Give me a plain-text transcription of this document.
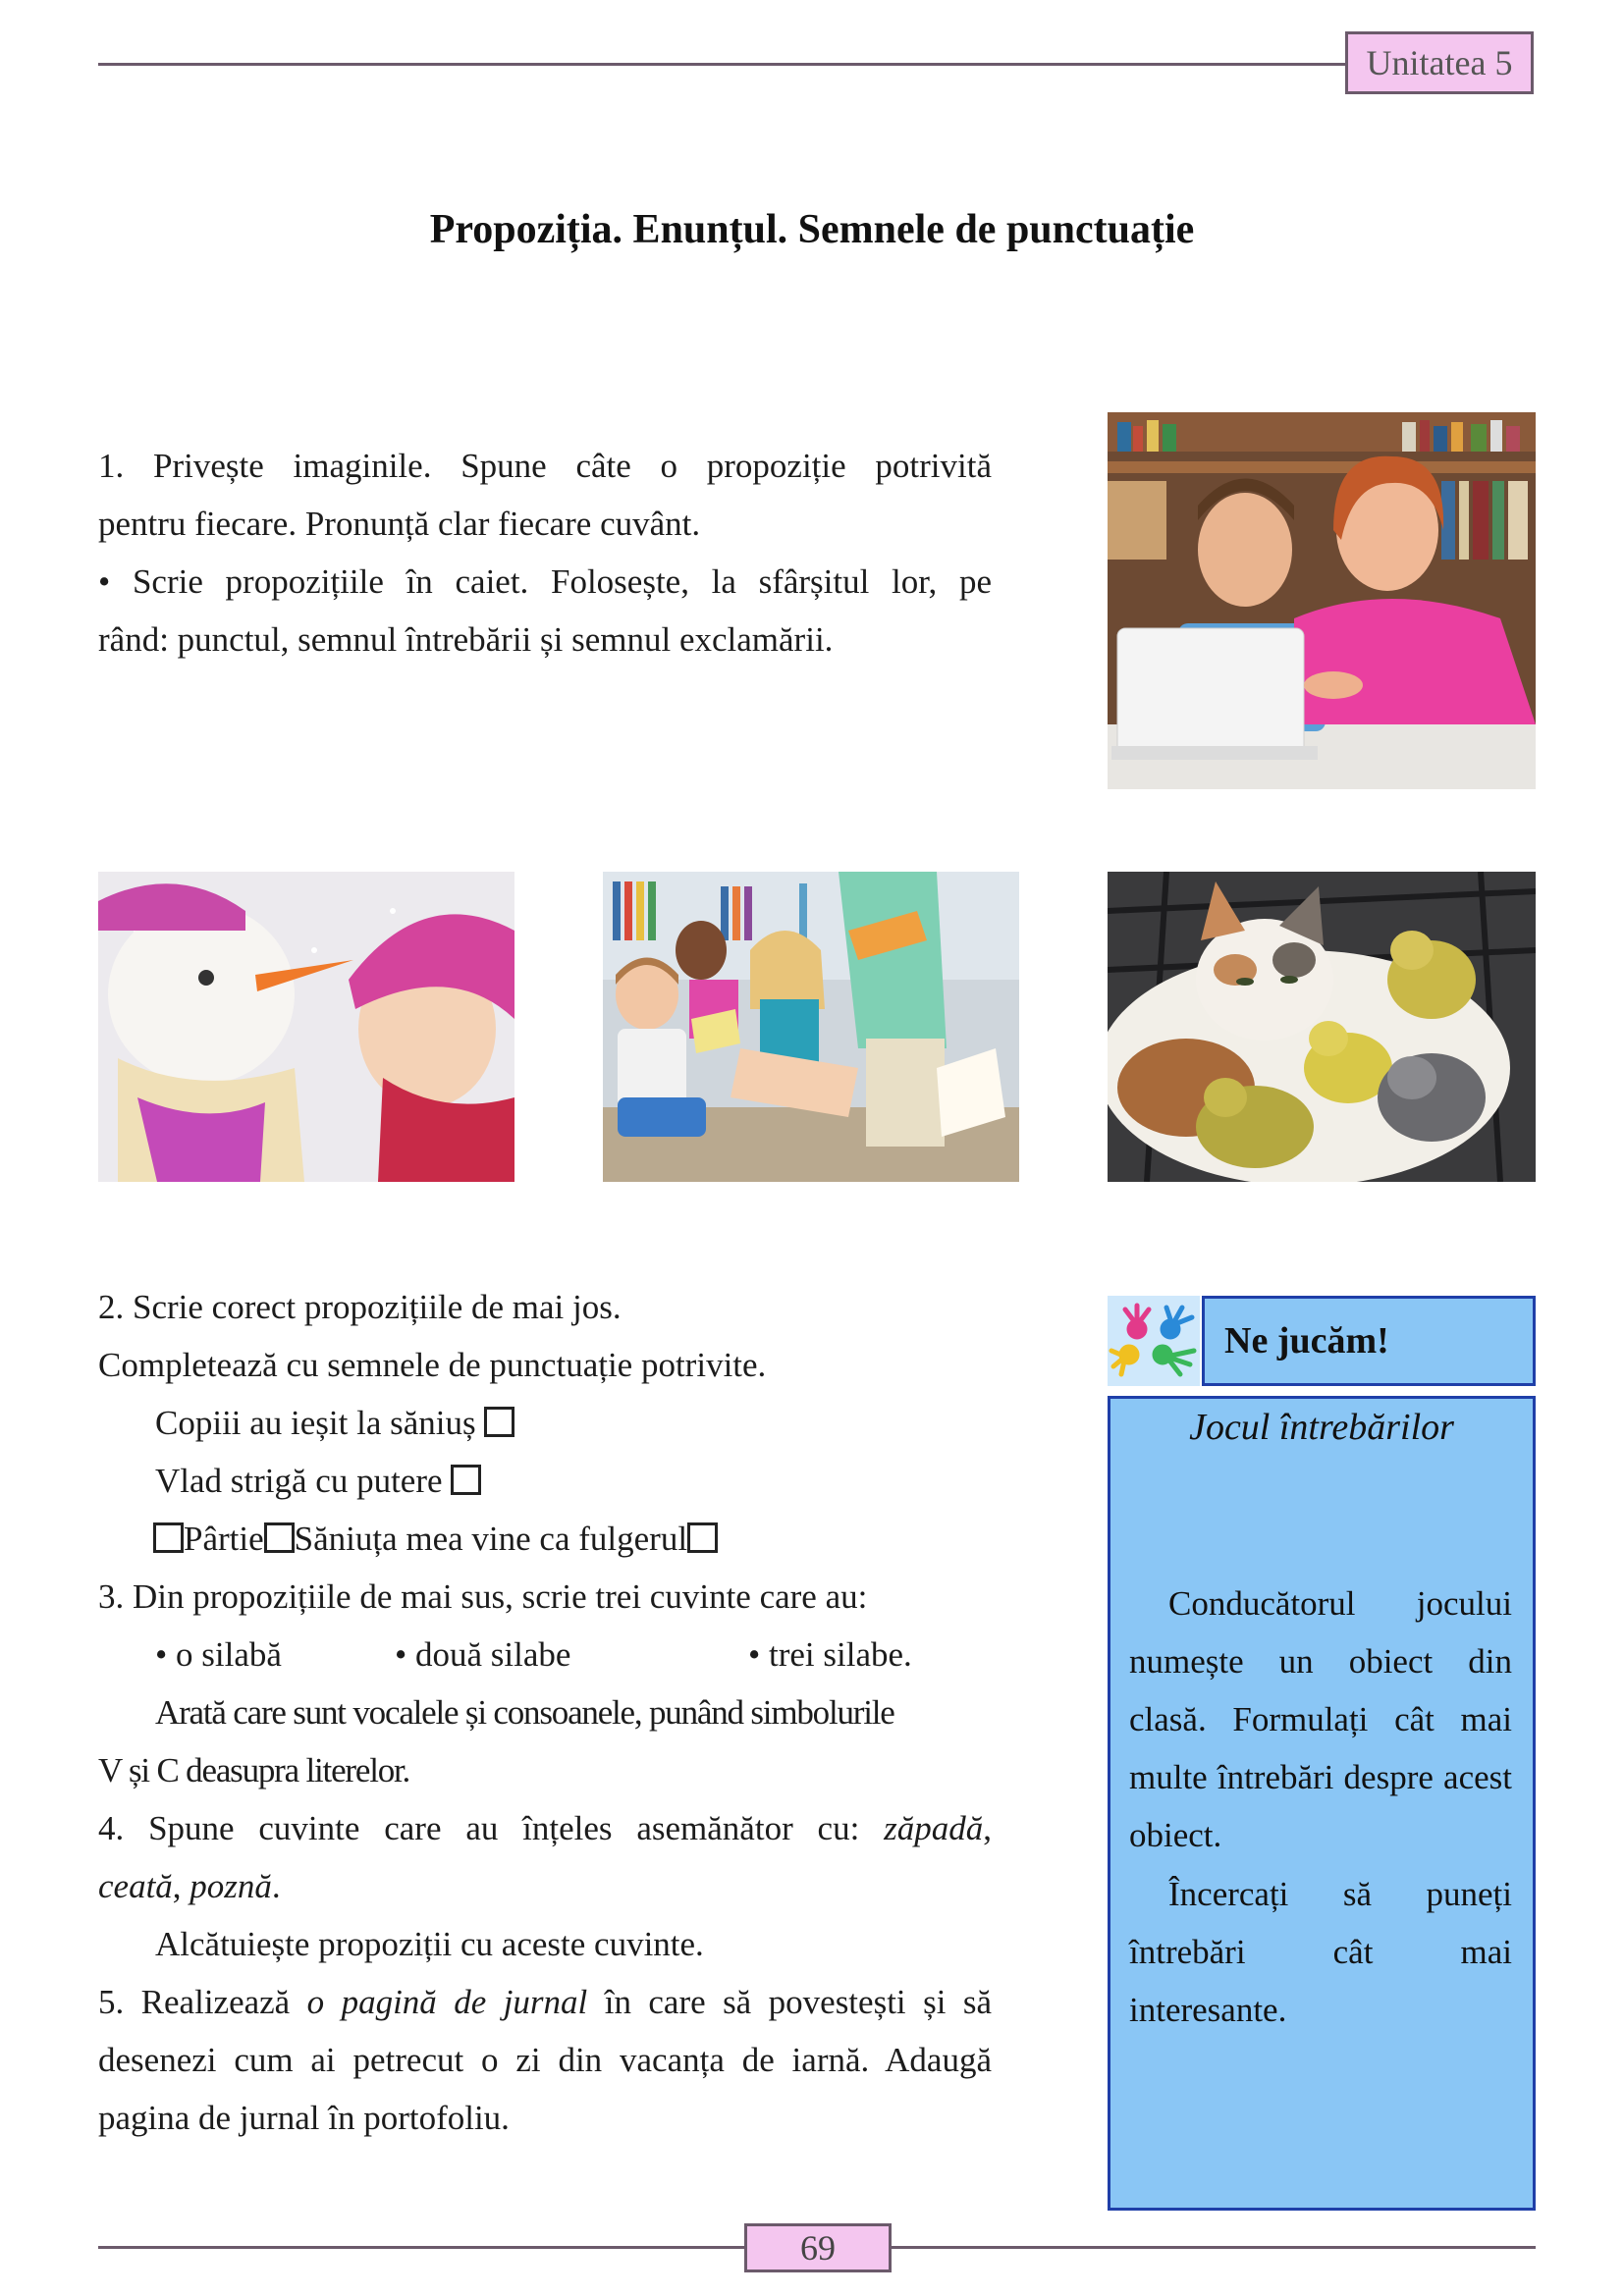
Unitatea 5
Propoziția. Enunțul. Semnele de punctuație
1. Privește imaginile. Spune câte o propoziție potrivită
pentru fiecare. Pronunță clar fiecare cuvânt.
• Scrie propozițiile în caiet. Folosește, la sfârșitul lor, pe
rând: punctul, semnul întrebării și semnul exclamării.
2. Scrie corect propozițiile de mai jos.
Completează cu semnele de punctuație potrivite.
Copiii au ieșit la săniuș
Vlad strigă cu putere
Pârtie Săniuța mea vine ca fulgerul
3. Din propozițiile de mai sus, scrie trei cuvinte care au:
• o silabă	• două silabe	• trei silabe.
Arată care sunt vocalele și consoanele, punând simbolurile
V și C deasupra literelor.
4. Spune cuvinte care au înțeles asemănător cu: zăpadă,
ceată, poznă.
Alcătuiește propoziții cu aceste cuvinte.
5. Realizează o pagină de jurnal în care să povestești și să
desenezi cum ai petrecut o zi din vacanța de iarnă. Adaugă
pagina de jurnal în portofoliu.
Ne jucăm!
Jocul întrebărilor
Conducătorul jocului numește un obiect din clasă. Formulați cât mai multe întrebări despre acest obiect.
Încercați să puneți întrebări cât mai interesante.
69
